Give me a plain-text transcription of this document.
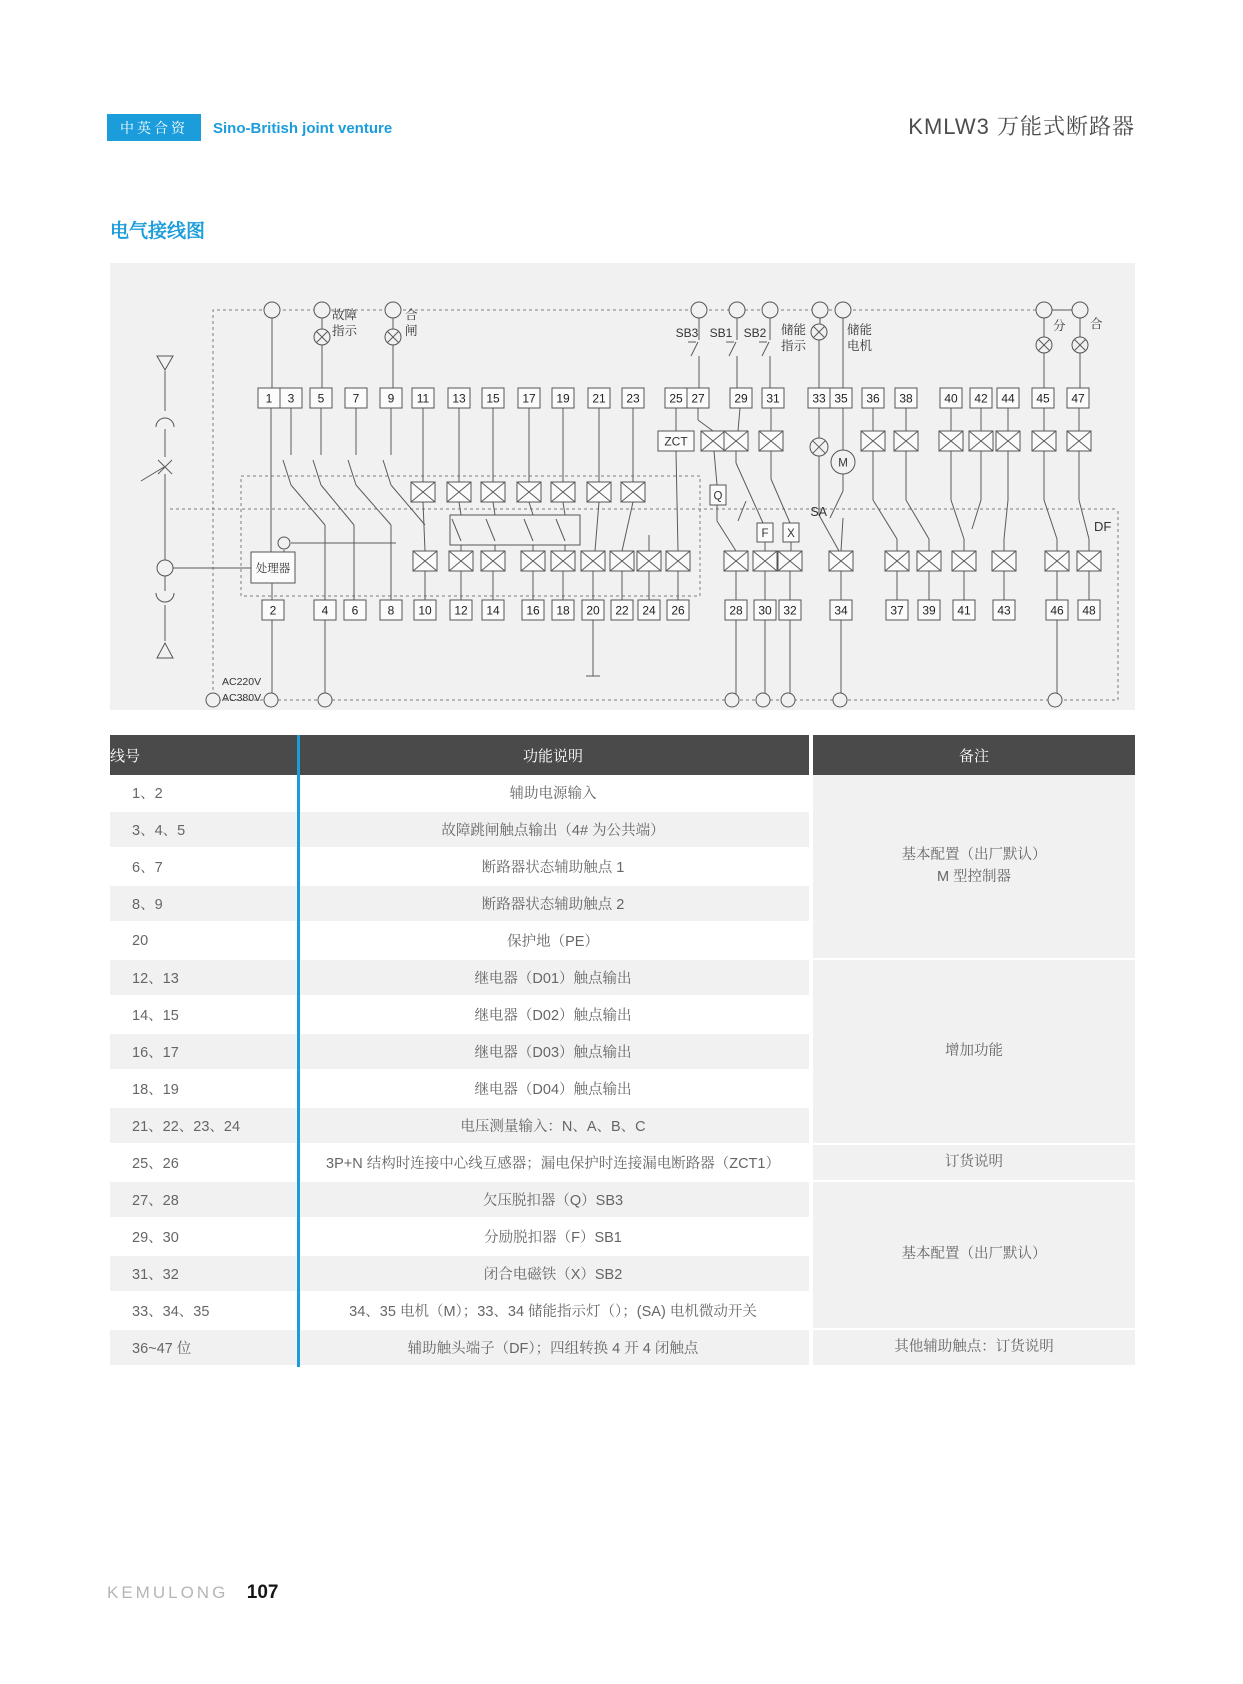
中英合资	Sino-British joint venture	KMLW3 万能式断路器
电气接线图
1 3 5 7 9 11 13 15 17 19 21 23 25 27 29 31	33 35 36 38	40 42 44 45 47
2	4 6 8 10 12 14 16 18 20 22 24 26	28 30 32	34	37 39 41 43	46 48
故障
指示
合
闸	SB3 SB1 SB2 储能
指示
储能
电机
分 合
ZCT
Q
F X
SA
M
DF
处理器
AC220V
AC380V
线号	功能说明	备注
1、2	辅助电源输入	基本配置（出厂默认）
M 型控制器

3、4、5	故障跳闸触点输出（4# 为公共端）	
6、7	断路器状态辅助触点 1	
8、9	断路器状态辅助触点 2	
20	保护地（PE）	
12、13	继电器（D01）触点输出	增加功能
14、15	继电器（D02）触点输出	
16、17	继电器（D03）触点输出	
18、19	继电器（D04）触点输出	
21、22、23、24	电压测量输入：N、A、B、C	
25、26	3P+N 结构时连接中心线互感器；漏电保护时连接漏电断路器（ZCT1）	订货说明
27、28	欠压脱扣器（Q）SB3	基本配置（出厂默认）
29、30	分励脱扣器（F）SB1	
31、32	闭合电磁铁（X）SB2	
33、34、35	34、35 电机（M）；33、34 储能指示灯（）；(SA) 电机微动开关	
36~47 位	辅助触头端子（DF）；四组转换 4 开 4 闭触点	其他辅助触点：订货说明
KEMULONG 107
